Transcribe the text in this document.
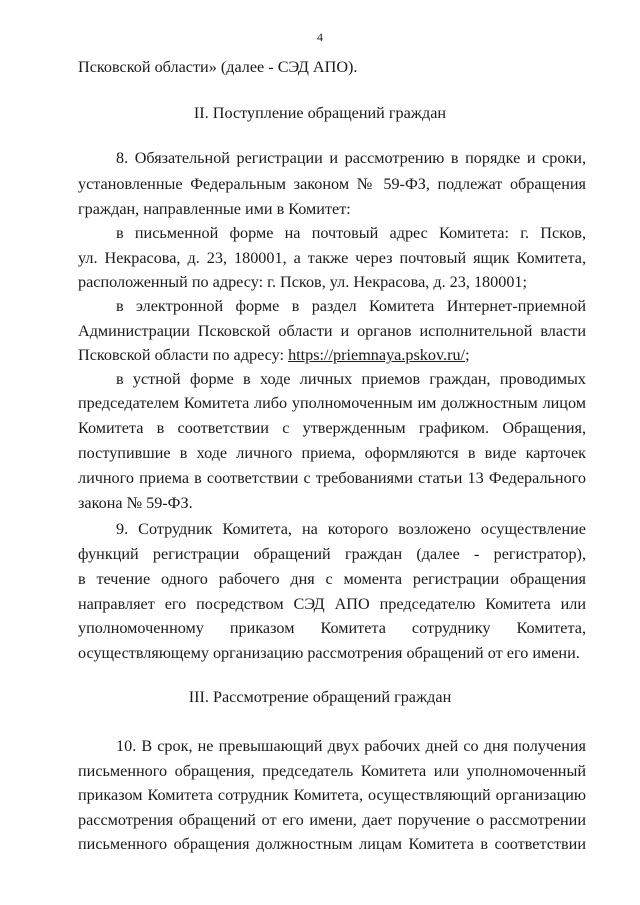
4
Псковской области» (далее - СЭД АПО).
II. Поступление обращений граждан
8. Обязательной регистрации и рассмотрению в порядке и сроки,
установленные Федеральным законом № 59-ФЗ, подлежат обращения
граждан, направленные ими в Комитет:
в письменной форме на почтовый адрес Комитета: г. Псков,
ул. Некрасова, д. 23, 180001, а также через почтовый ящик Комитета,
расположенный по адресу: г. Псков, ул. Некрасова, д. 23, 180001;
в электронной форме в раздел Комитета Интернет-приемной
Администрации Псковской области и органов исполнительной власти
Псковской области по адресу: https://priemnaya.pskov.ru/;
в устной форме в ходе личных приемов граждан, проводимых
председателем Комитета либо уполномоченным им должностным лицом
Комитета в соответствии с утвержденным графиком. Обращения,
поступившие в ходе личного приема, оформляются в виде карточек
личного приема в соответствии с требованиями статьи 13 Федерального
закона № 59-ФЗ.
9. Сотрудник Комитета, на которого возложено осуществление
функций регистрации обращений граждан (далее - регистратор),
в течение одного рабочего дня с момента регистрации обращения
направляет его посредством СЭД АПО председателю Комитета или
уполномоченному приказом Комитета сотруднику Комитета,
осуществляющему организацию рассмотрения обращений от его имени.
III. Рассмотрение обращений граждан
10. В срок, не превышающий двух рабочих дней со дня получения
письменного обращения, председатель Комитета или уполномоченный
приказом Комитета сотрудник Комитета, осуществляющий организацию
рассмотрения обращений от его имени, дает поручение о рассмотрении
письменного обращения должностным лицам Комитета в соответствии
